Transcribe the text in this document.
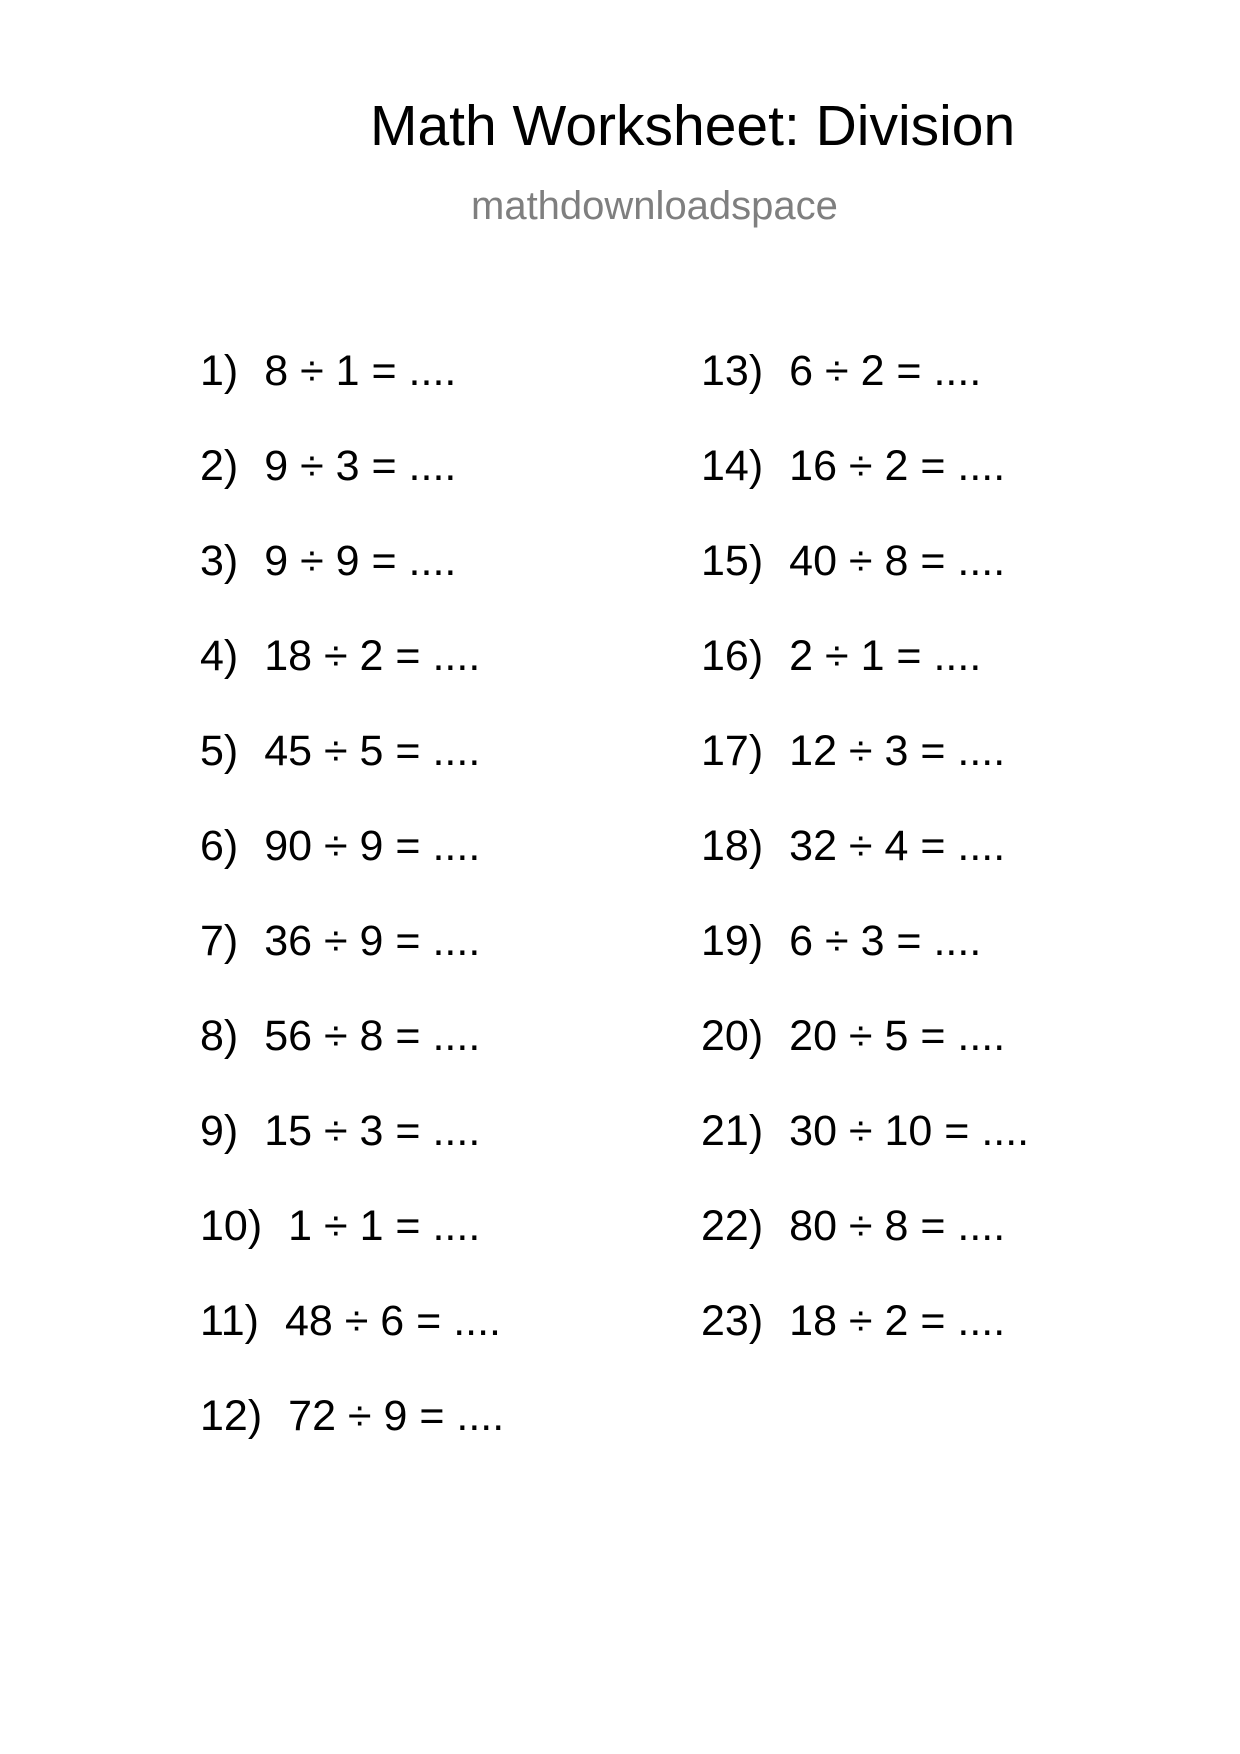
Math Worksheet: Division
mathdownloadspace
1) 8 ÷ 1 = ....
2) 9 ÷ 3 = ....
3) 9 ÷ 9 = ....
4) 18 ÷ 2 = ....
5) 45 ÷ 5 = ....
6) 90 ÷ 9 = ....
7) 36 ÷ 9 = ....
8) 56 ÷ 8 = ....
9) 15 ÷ 3 = ....
10) 1 ÷ 1 = ....
11) 48 ÷ 6 = ....
12) 72 ÷ 9 = ....
13) 6 ÷ 2 = ....
14) 16 ÷ 2 = ....
15) 40 ÷ 8 = ....
16) 2 ÷ 1 = ....
17) 12 ÷ 3 = ....
18) 32 ÷ 4 = ....
19) 6 ÷ 3 = ....
20) 20 ÷ 5 = ....
21) 30 ÷ 10 = ....
22) 80 ÷ 8 = ....
23) 18 ÷ 2 = ....
